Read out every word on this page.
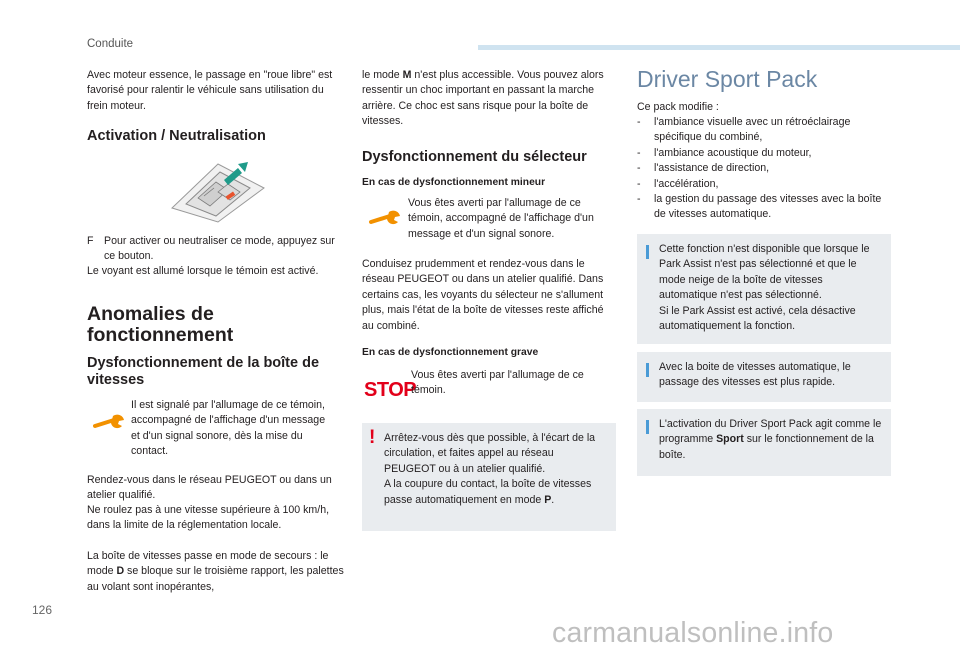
Conduite
Avec moteur essence, le passage en "roue libre" est favorisé pour ralentir le véhicule sans utilisation du frein moteur.
Activation / Neutralisation
F Pour activer ou neutraliser ce mode, appuyez sur ce bouton.
Le voyant est allumé lorsque le témoin est activé.
Anomalies de fonctionnement
Dysfonctionnement de la boîte de vitesses
Il est signalé par l'allumage de ce témoin, accompagné de l'affichage d'un message et d'un signal sonore, dès la mise du contact.
Rendez-vous dans le réseau PEUGEOT ou dans un atelier qualifié.
Ne roulez pas à une vitesse supérieure à 100 km/h, dans la limite de la réglementation locale.
La boîte de vitesses passe en mode de secours : le mode D se bloque sur le troisième rapport, les palettes au volant sont inopérantes,
le mode M n'est plus accessible. Vous pouvez alors ressentir un choc important en passant la marche arrière. Ce choc est sans risque pour la boîte de vitesses.
Dysfonctionnement du sélecteur
En cas de dysfonctionnement mineur
Vous êtes averti par l'allumage de ce témoin, accompagné de l'affichage d'un message et d'un signal sonore.
Conduisez prudemment et rendez-vous dans le réseau PEUGEOT ou dans un atelier qualifié. Dans certains cas, les voyants du sélecteur ne s'allument plus, mais l'état de la boîte de vitesses reste affiché au combiné.
En cas de dysfonctionnement grave
STOP
Vous êtes averti par l'allumage de ce témoin.
! Arrêtez-vous dès que possible, à l'écart de la circulation, et faites appel au réseau PEUGEOT ou à un atelier qualifié.
A la coupure du contact, la boîte de vitesses passe automatiquement en mode P.
Driver Sport Pack
Ce pack modifie :
- l'ambiance visuelle avec un rétroéclairage spécifique du combiné,
- l'ambiance acoustique du moteur,
- l'assistance de direction,
- l'accélération,
- la gestion du passage des vitesses avec la boîte de vitesses automatique.
Cette fonction n'est disponible que lorsque le Park Assist n'est pas sélectionné et que le mode neige de la boîte de vitesses automatique n'est pas sélectionné.
Si le Park Assist est activé, cela désactive automatiquement la fonction.
Avec la boite de vitesses automatique, le passage des vitesses est plus rapide.
L'activation du Driver Sport Pack agit comme le programme Sport sur le fonctionnement de la boîte.
126
carmanualsonline.info
